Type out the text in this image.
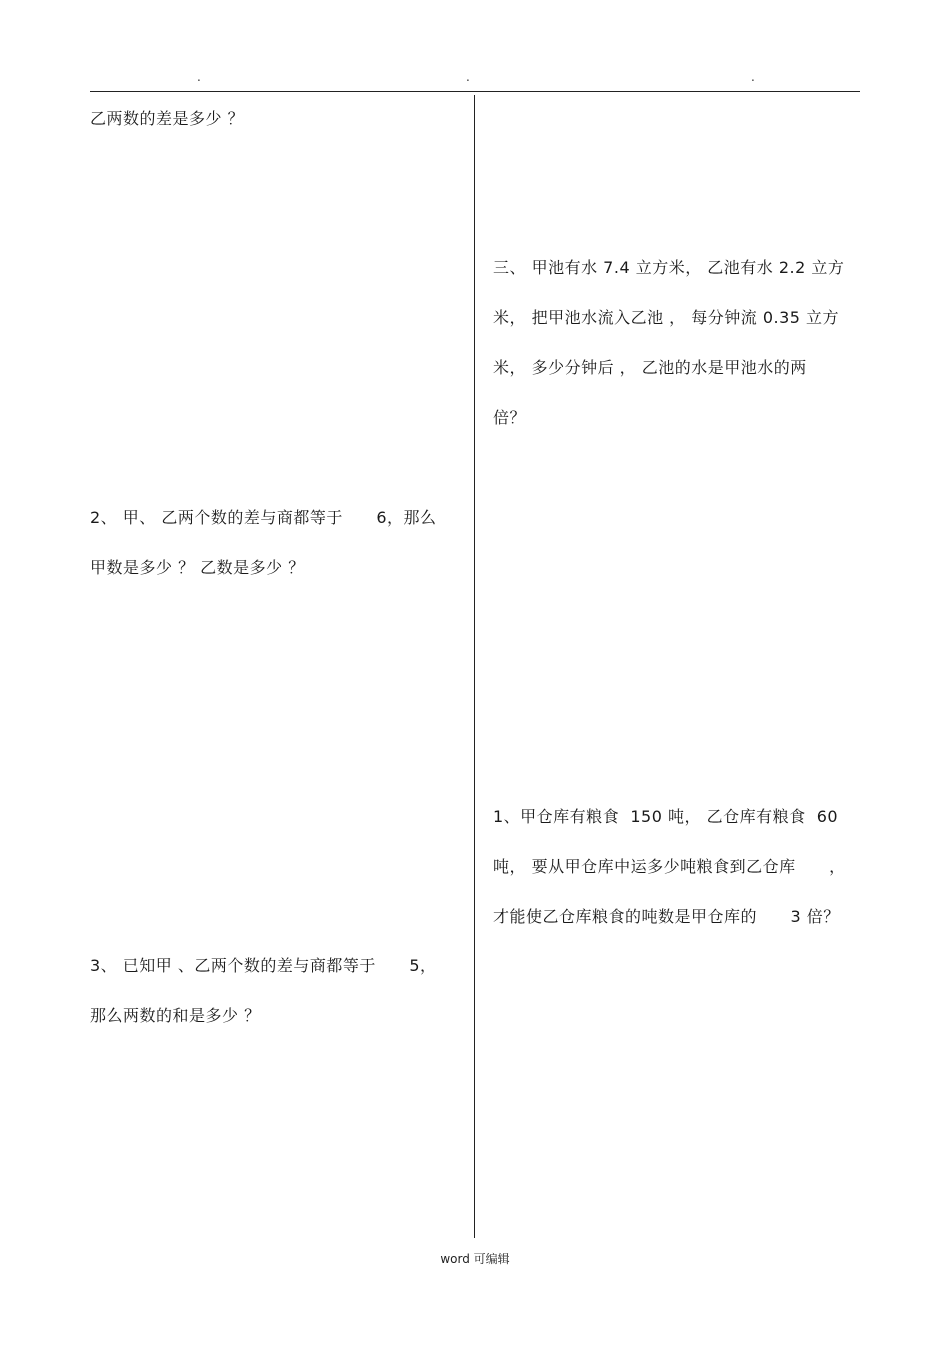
.	.	.
乙两数的差是多少 ？
2、 甲、 乙两个数的差与商都等于      6，那么
甲数是多少 ？ 乙数是多少 ？
3、 已知甲 、乙两个数的差与商都等于      5，
那么两数的和是多少 ？
三、 甲池有水 7.4 立方米， 乙池有水 2.2 立方
米， 把甲池水流入乙池 ， 每分钟流 0.35 立方
米， 多少分钟后 ， 乙池的水是甲池水的两
倍？
1、甲仓库有粮食  150 吨， 乙仓库有粮食  60
吨， 要从甲仓库中运多少吨粮食到乙仓库      ，
才能使乙仓库粮食的吨数是甲仓库的      3 倍？
word 可编辑
